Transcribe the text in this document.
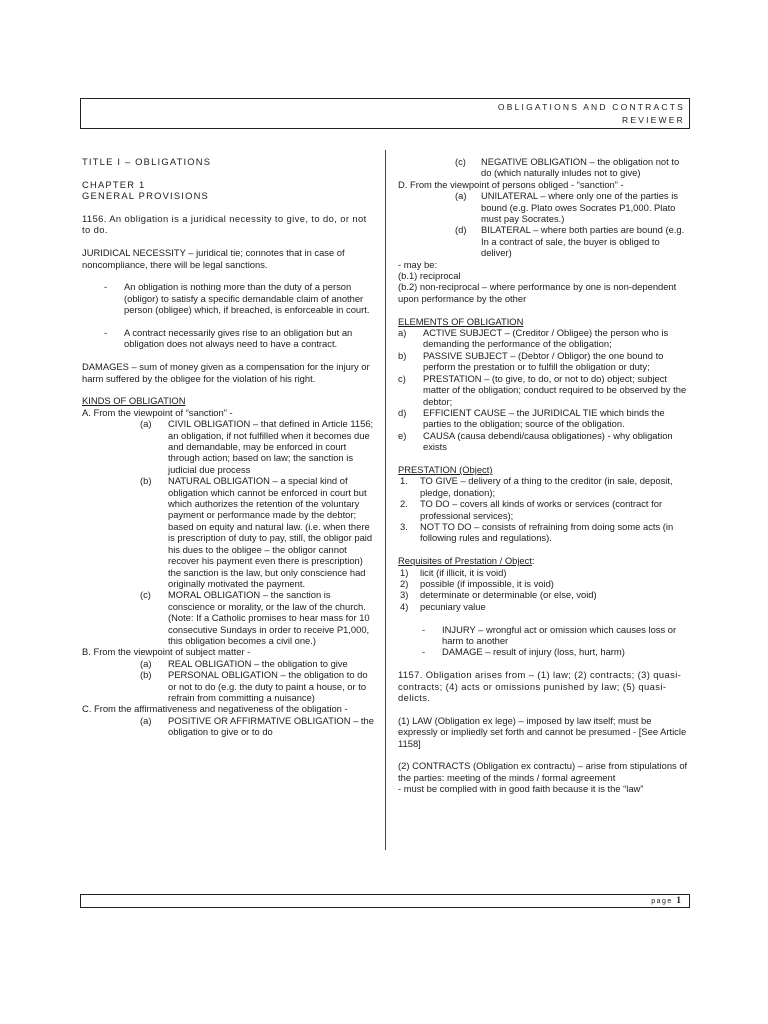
OBLIGATIONS AND CONTRACTS
REVIEWER

TITLE I – OBLIGATIONS

CHAPTER 1

GENERAL PROVISIONS

1156. An obligation is a juridical necessity to give, to do, or not to do.

JURIDICAL NECESSITY – juridical tie; connotes that in case of noncompliance, there will be legal sanctions.

-	An obligation is nothing more than the duty of a person (obligor) to satisfy a specific demandable claim of another person (obligee) which, if breached, is enforceable in court.
-	A contract necessarily gives rise to an obligation but an obligation does not always need to have a contract.

DAMAGES – sum of money given as a compensation for the injury or harm suffered by the obligee for the violation of his right.

KINDS OF OBLIGATION

A. From the viewpoint of “sanction” -

(a)	CIVIL OBLIGATION – that defined in Article 1156; an obligation, if not fulfilled when it becomes due and demandable, may be enforced in court through action; based on law; the sanction is judicial due process
(b)	NATURAL OBLIGATION – a special kind of obligation which cannot be enforced in court but which authorizes the retention of the voluntary payment or performance made by the debtor; based on equity and natural law. (i.e. when there is prescription of duty to pay, still, the obligor paid his dues to the obligee – the obligor cannot recover his payment even there is prescription) the sanction is the law, but only conscience had originally motivated the payment.
(c)	MORAL OBLIGATION – the sanction is conscience or morality, or the law of the church. (Note: If a Catholic promises to hear mass for 10 consecutive Sundays in order to receive P1,000, this obligation becomes a civil one.)

B. From the viewpoint of subject matter -

(a)	REAL OBLIGATION – the obligation to give
(b)	PERSONAL OBLIGATION – the obligation to do or not to do (e.g. the duty to paint a house, or to refrain from committing a nuisance)

C. From the affirmativeness and negativeness of the obligation -

(a)	POSITIVE OR AFFIRMATIVE OBLIGATION – the obligation to give or to do
(c)	NEGATIVE OBLIGATION – the obligation not to do (which naturally inludes not to give)

D. From the viewpoint of persons obliged - “sanction” -

(a)	UNILATERAL – where only one of the parties is bound (e.g. Plato owes Socrates P1,000. Plato must pay Socrates.)
(d)	BILATERAL – where both parties are bound (e.g. In a contract of sale, the buyer is obliged to deliver)

- may be:

(b.1) reciprocal

(b.2) non-reciprocal – where performance by one is non-dependent upon performance by the other

ELEMENTS OF OBLIGATION

a)	ACTIVE SUBJECT – (Creditor / Obligee) the person who is demanding the performance of the obligation;
b)	PASSIVE SUBJECT – (Debtor / Obligor) the one bound to perform the prestation or to fulfill the obligation or duty;
c)	PRESTATION – (to give, to do, or not to do) object; subject matter of the obligation; conduct required to be observed by the debtor;
d)	EFFICIENT CAUSE – the JURIDICAL TIE which binds the parties to the obligation; source of the obligation.
e)	CAUSA (causa debendi/causa obligationes) - why obligation exists

PRESTATION (Object)

1.	TO GIVE – delivery of a thing to the creditor (in sale, deposit, pledge, donation);
2.	TO DO – covers all kinds of works or services (contract for professional services);
3.	NOT TO DO – consists of refraining from doing some acts (in following rules and regulations).

Requisites of Prestation / Object:

1)	licit (if illicit, it is void)
2)	possible (if impossible, it is void)
3)	determinate or determinable (or else, void)
4)	pecuniary value
-	INJURY – wrongful act or omission which causes loss or harm to another
-	DAMAGE – result of injury (loss, hurt, harm)

1157. Obligation arises from – (1) law; (2) contracts; (3) quasi-contracts; (4) acts or omissions punished by law; (5) quasi-delicts.

(1) LAW (Obligation ex lege) – imposed by law itself; must be expressly or impliedly set forth and cannot be presumed - [See Article 1158]

(2) CONTRACTS (Obligation ex contractu) – arise from stipulations of the parties: meeting of the minds / formal agreement

- must be complied with in good faith because it is the “law”

page 1
